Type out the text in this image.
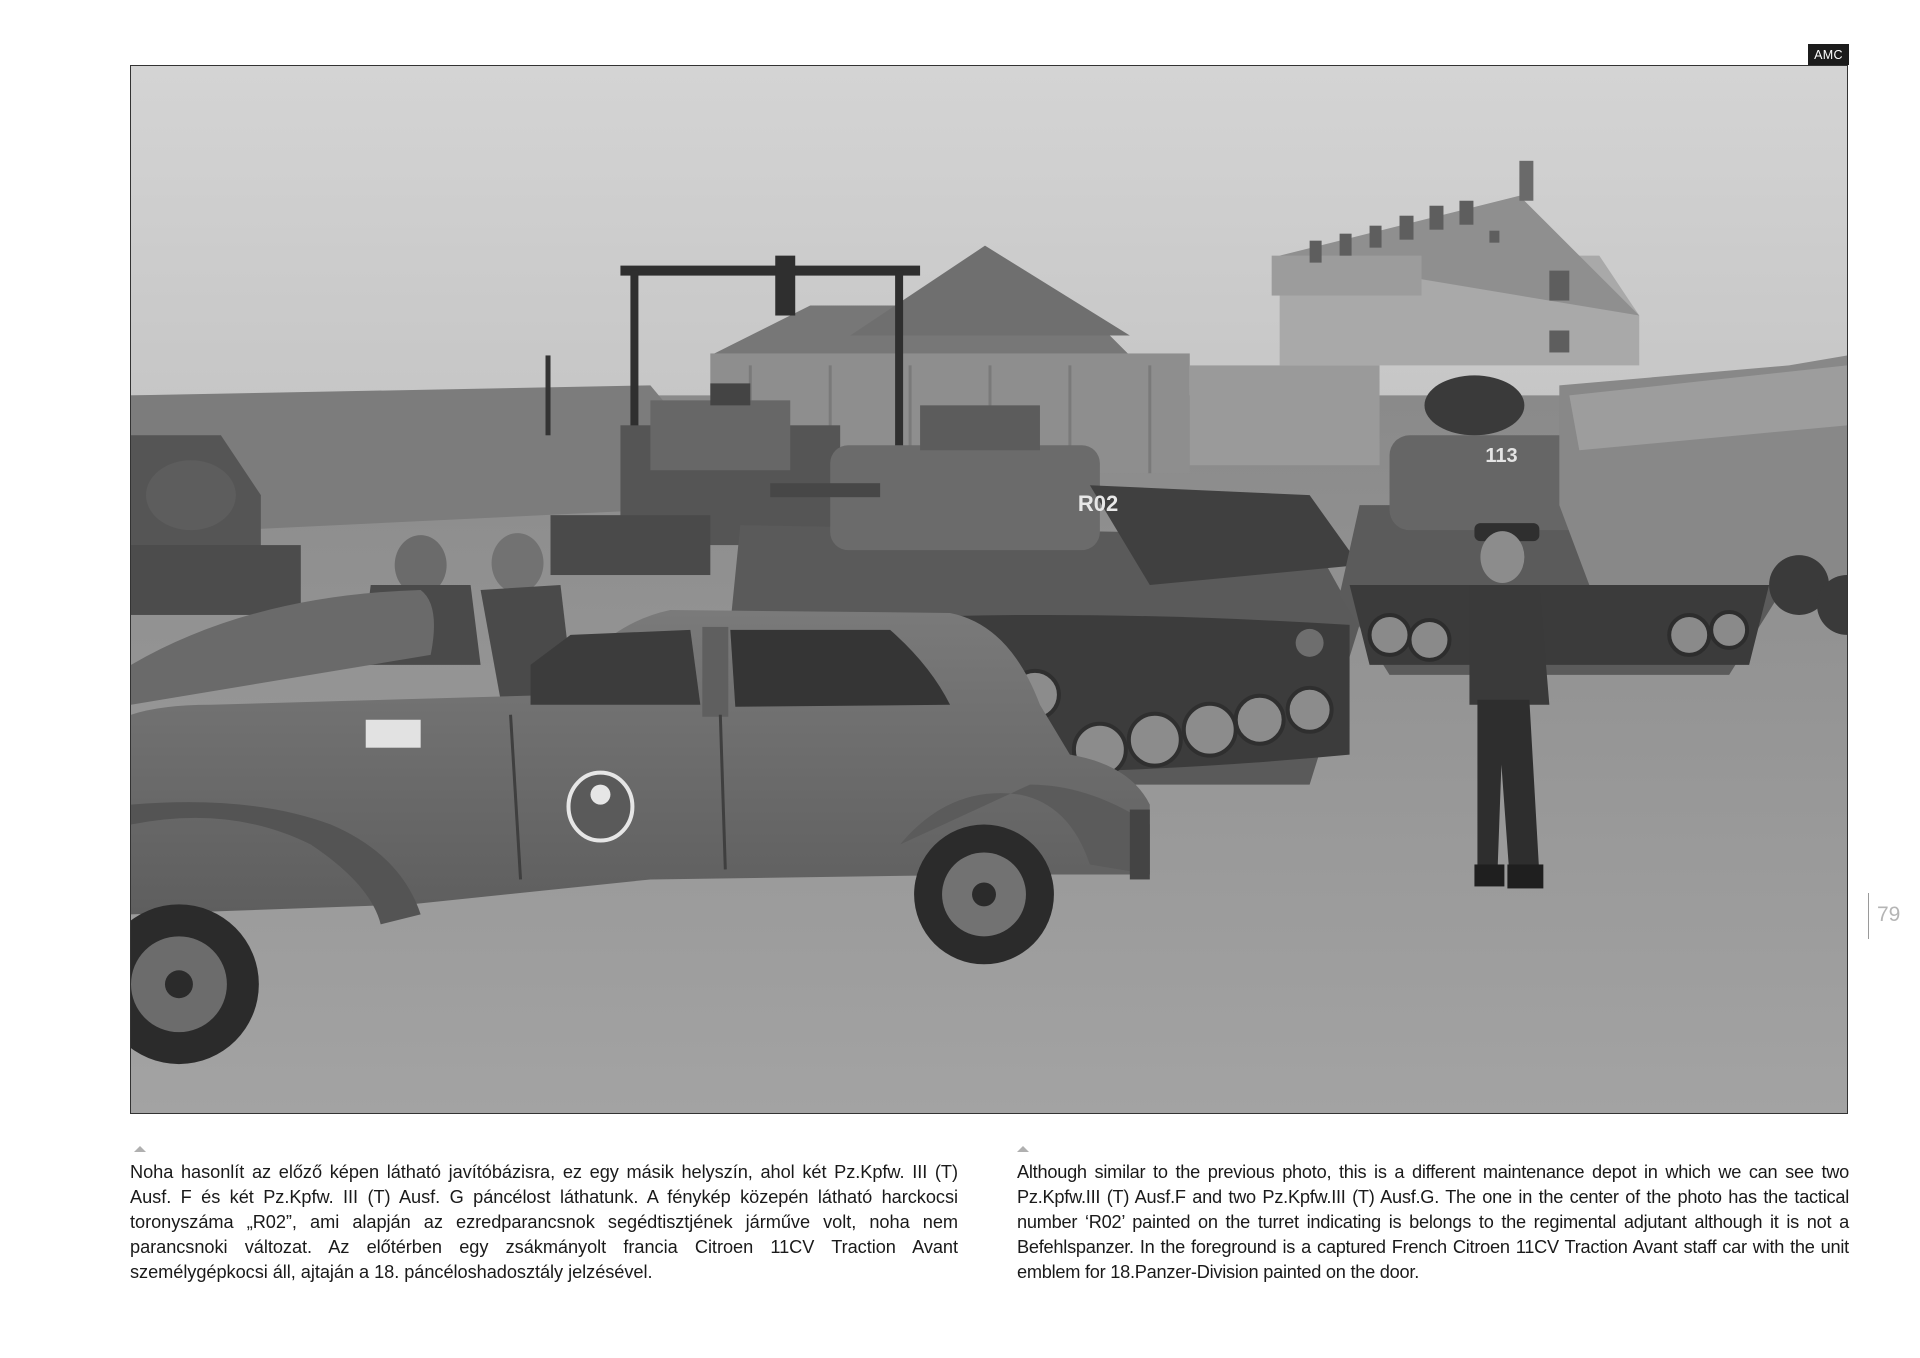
AMC
R02
113
79

Noha hasonlít az előző képen látható javítóbázisra, ez egy másik helyszín, ahol két Pz.Kpfw. III (T) Ausf. F és két Pz.Kpfw. III (T) Ausf. G páncélost láthatunk. A fénykép közepén látható harckocsi toronyszáma „R02”, ami alapján az ezredparancsnok segédtisztjének járműve volt, noha nem parancsnoki változat. Az előtérben egy zsákmányolt francia Citroen 11CV Traction Avant személygépkocsi áll, ajtaján a 18. páncéloshadosztály jelzésével.

Although similar to the previous photo, this is a different maintenance depot in which we can see two Pz.Kpfw.III (T) Ausf.F and two Pz.Kpfw.III (T) Ausf.G. The one in the center of the photo has the tactical number ‘R02’ painted on the turret indicating is belongs to the regimental adjutant although it is not a Befehlspanzer. In the foreground is a captured French Citroen 11CV Traction Avant staff car with the unit emblem for 18.Panzer-Division painted on the door.
